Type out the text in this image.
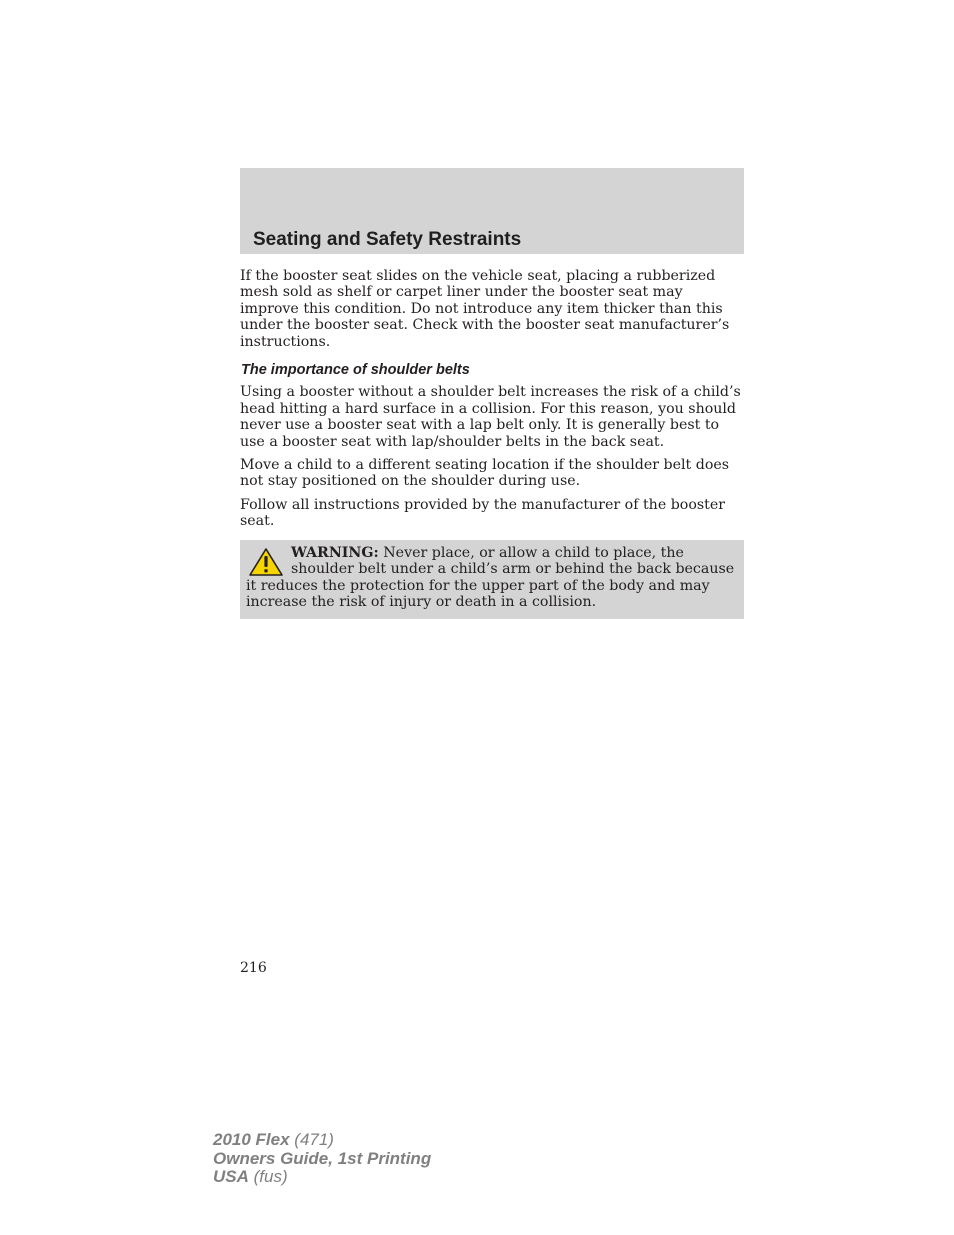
Seating and Safety Restraints

If the booster seat slides on the vehicle seat, placing a rubberized mesh sold as shelf or carpet liner under the booster seat may improve this condition. Do not introduce any item thicker than this under the booster seat. Check with the booster seat manufacturer’s instructions.

The importance of shoulder belts

Using a booster without a shoulder belt increases the risk of a child’s head hitting a hard surface in a collision. For this reason, you should never use a booster seat with a lap belt only. It is generally best to use a booster seat with lap/shoulder belts in the back seat.

Move a child to a different seating location if the shoulder belt does not stay positioned on the shoulder during use.

Follow all instructions provided by the manufacturer of the booster seat.

WARNING: Never place, or allow a child to place, the shoulder belt under a child’s arm or behind the back because it reduces the protection for the upper part of the body and may increase the risk of injury or death in a collision.
216
2010 Flex (471)
Owners Guide, 1st Printing
USA (fus)
